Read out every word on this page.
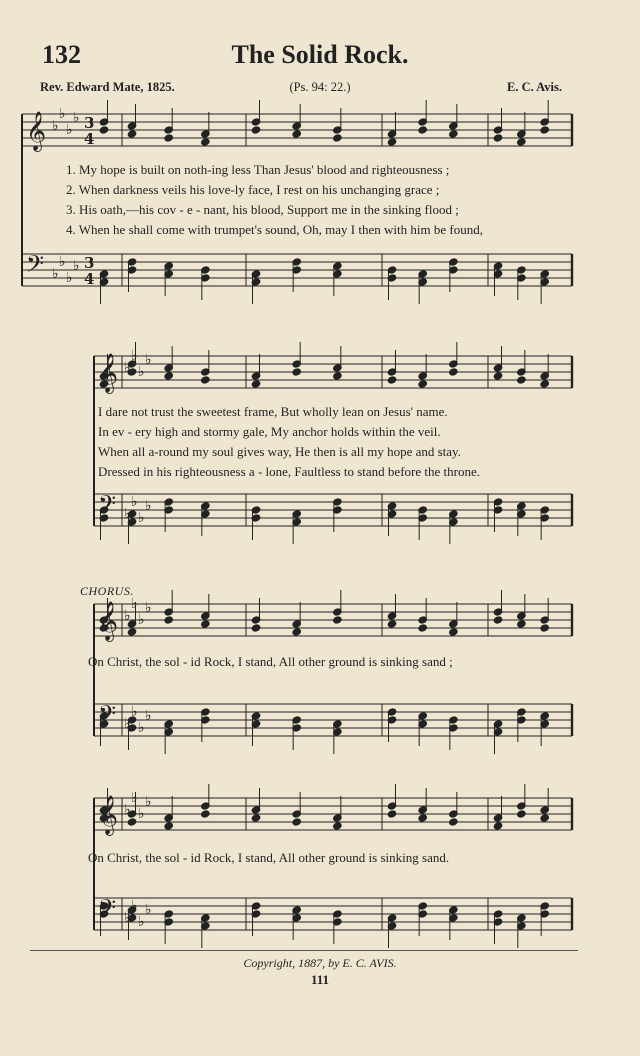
132	The Solid Rock.
Rev. Edward Mate, 1825.	(Ps. 94: 22.)	E. C. Avis.
𝄞 ♭
♭
♭
♭ 3
4
𝄢 ♭
♭
♭
♭ 3
4
𝄞 ♭
♭
♭
♭
𝄢 ♭
♭
♭
♭
𝄞 ♭
♭
♭
♭
𝄢 ♭
♭
♭
♭
𝄞 ♭
♭
♭
♭
𝄢 ♭
♭
♭
♭
1. My hope is built on noth-ing less Than Jesus' blood and righteousness ;
2. When darkness veils his love-ly face, I rest on his unchanging grace ;
3. His oath,—his cov - e - nant, his blood, Support me in the sinking flood ;
4. When he shall come with trumpet's sound, Oh, may I then with him be found,
I dare not trust the sweetest frame, But wholly lean on Jesus' name.
In ev - ery high and stormy gale, My anchor holds within the veil.
When all a-round my soul gives way, He then is all my hope and stay.
Dressed in his righteousness a - lone, Faultless to stand before the throne.
CHORUS.
On Christ, the sol - id Rock, I stand, All other ground is sinking sand ;
On Christ, the sol - id Rock, I stand, All other ground is sinking sand.
Copyright, 1887, by E. C. AVIS.
111
